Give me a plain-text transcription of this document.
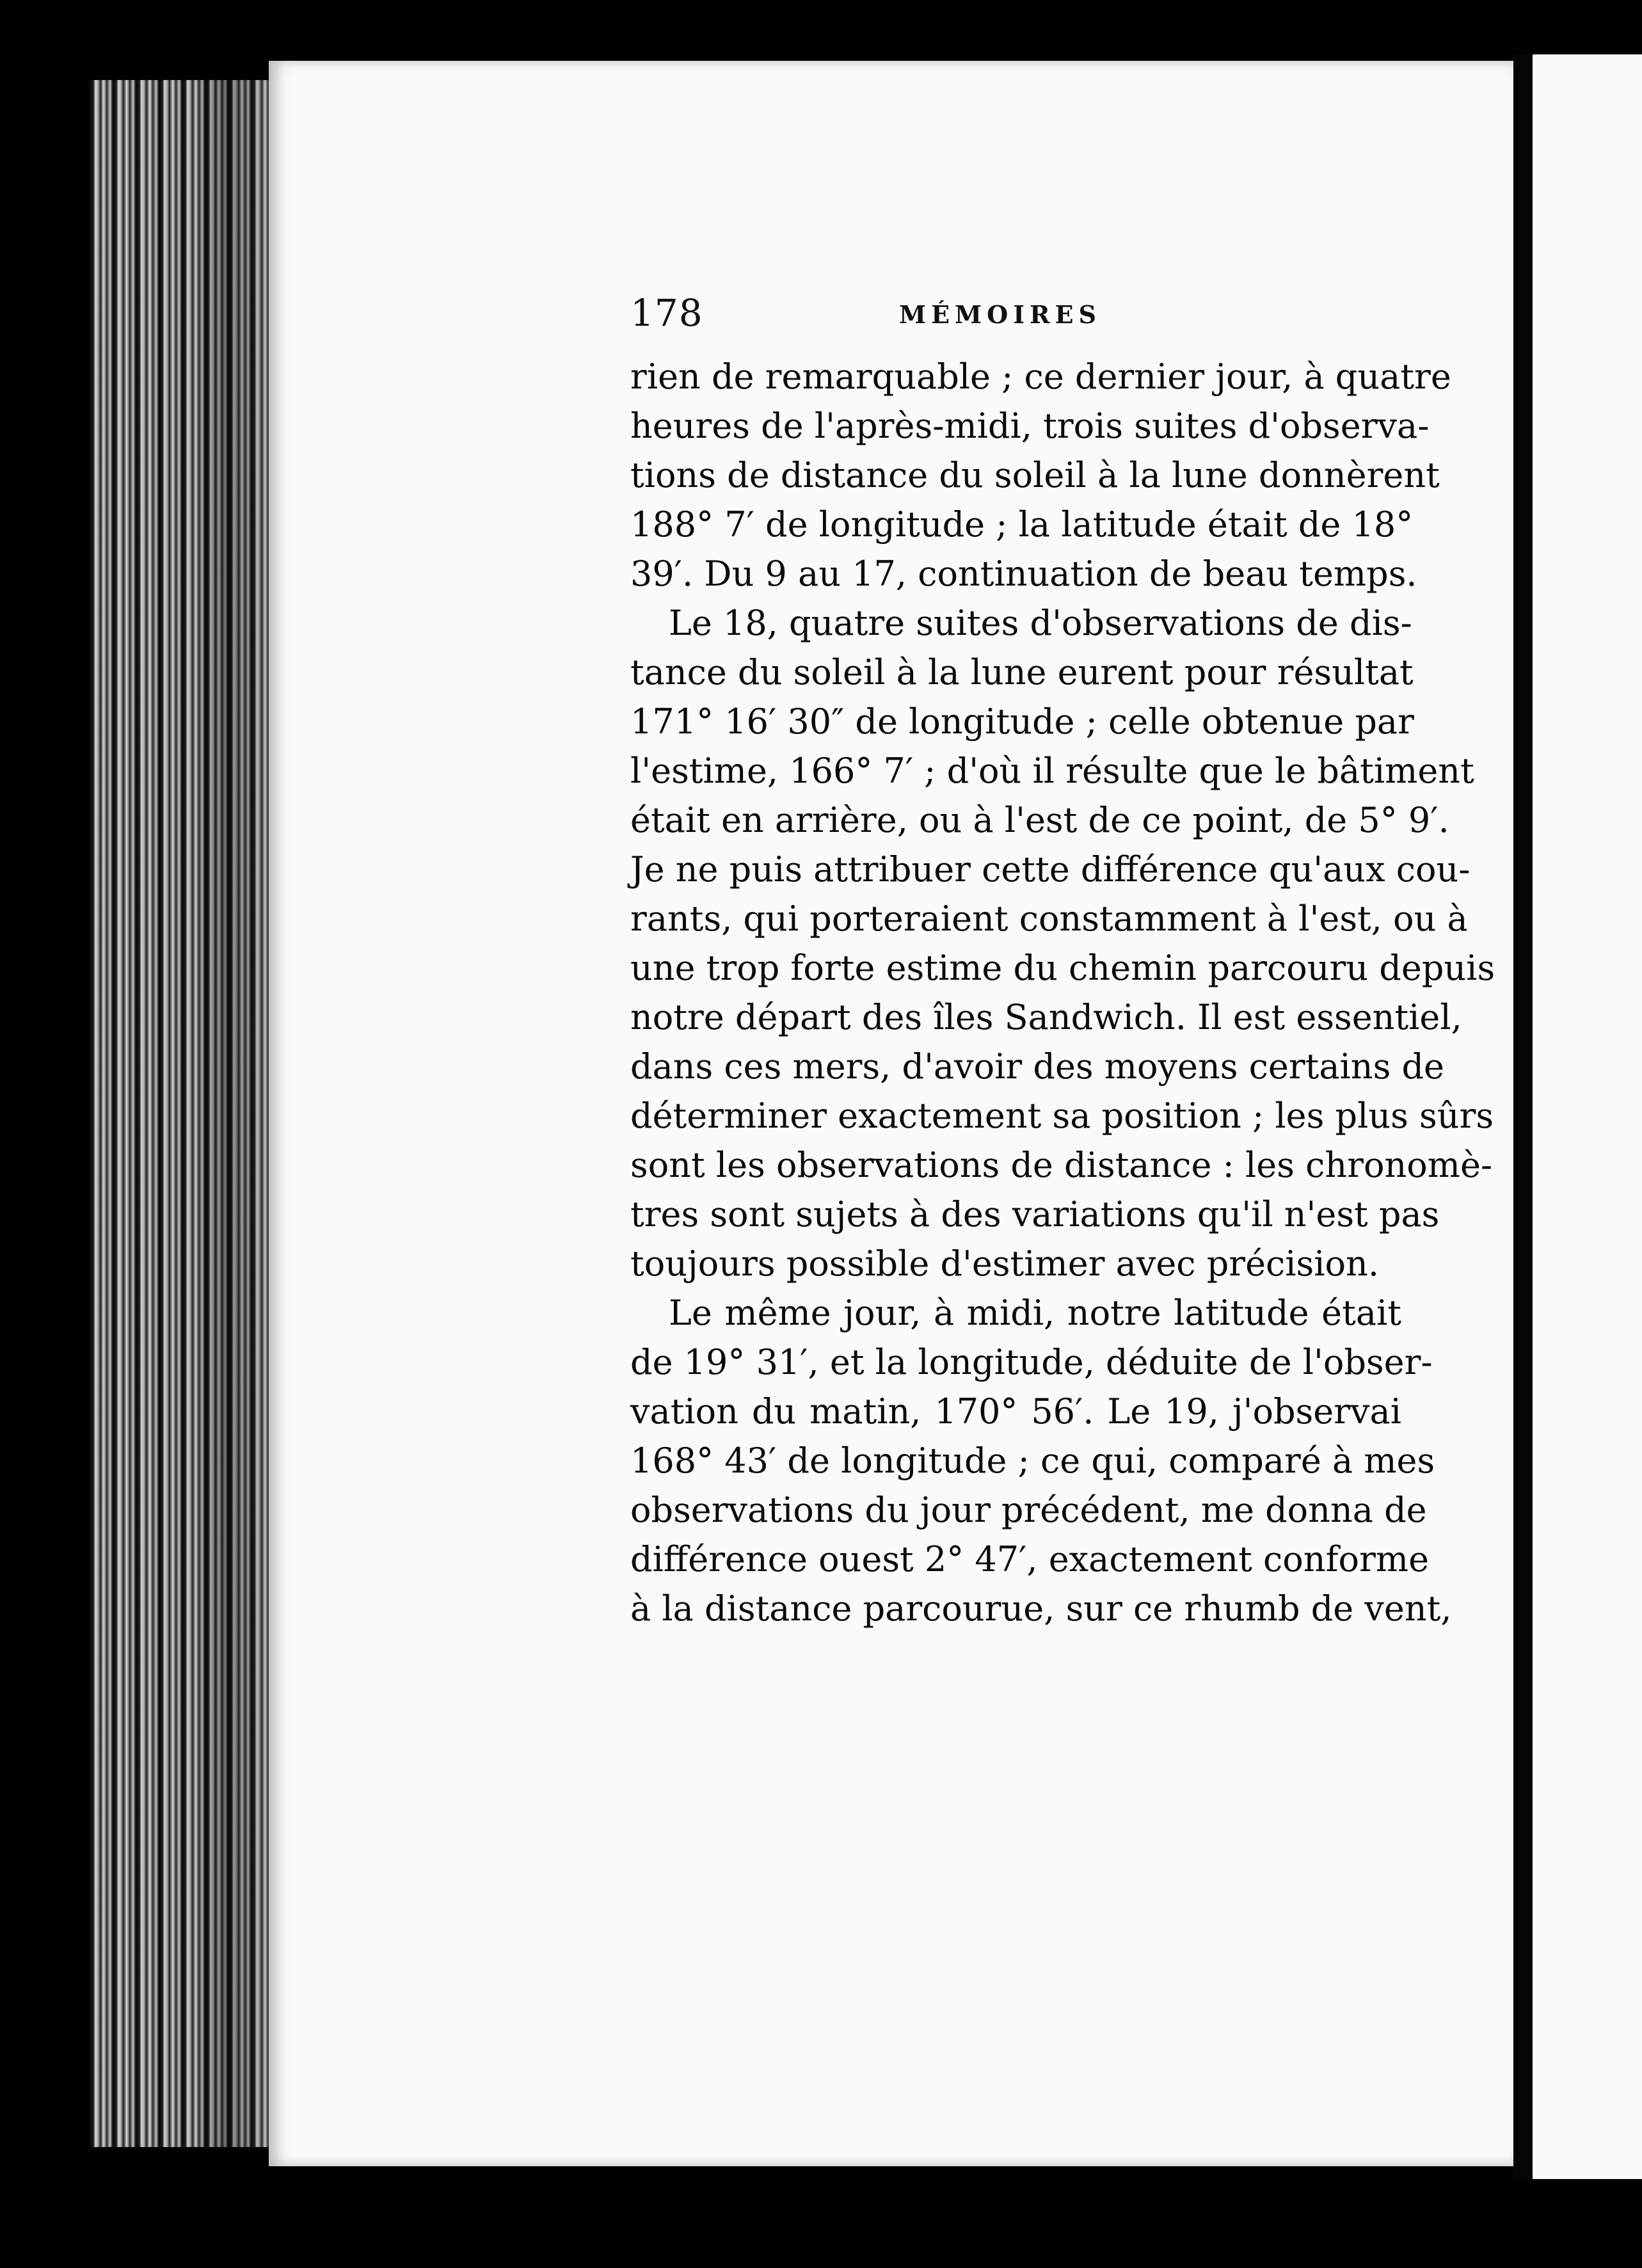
178	MÉMOIRES
rien de remarquable ; ce dernier jour, à quatre
heures de l'après-midi, trois suites d'observa-
tions de distance du soleil à la lune donnèrent
188° 7′ de longitude ; la latitude était de 18°
39′. Du 9 au 17, continuation de beau temps.
Le 18, quatre suites d'observations de dis-
tance du soleil à la lune eurent pour résultat
171° 16′ 30″ de longitude ; celle obtenue par
l'estime, 166° 7′ ; d'où il résulte que le bâtiment
était en arrière, ou à l'est de ce point, de 5° 9′.
Je ne puis attribuer cette différence qu'aux cou-
rants, qui porteraient constamment à l'est, ou à
une trop forte estime du chemin parcouru depuis
notre départ des îles Sandwich. Il est essentiel,
dans ces mers, d'avoir des moyens certains de
déterminer exactement sa position ; les plus sûrs
sont les observations de distance : les chronomè-
tres sont sujets à des variations qu'il n'est pas
toujours possible d'estimer avec précision.
Le même jour, à midi, notre latitude était
de 19° 31′, et la longitude, déduite de l'obser-
vation du matin, 170° 56′. Le 19, j'observai
168° 43′ de longitude ; ce qui, comparé à mes
observations du jour précédent, me donna de
différence ouest 2° 47′, exactement conforme
à la distance parcourue, sur ce rhumb de vent,
